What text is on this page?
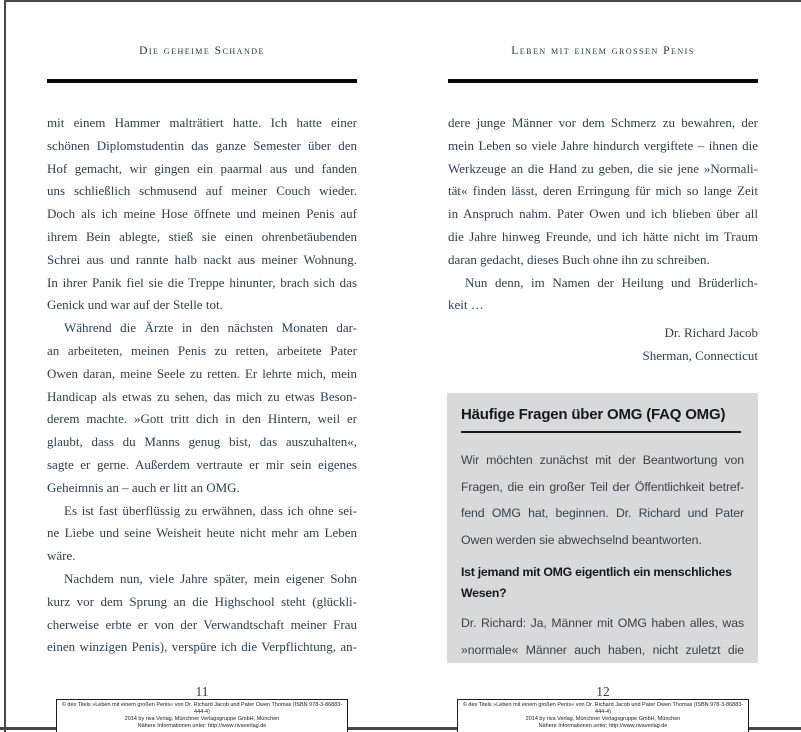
Die geheime Schande
mit einem Hammer malträtiert hatte. Ich hatte einer
schönen Diplomstudentin das ganze Semester über den
Hof gemacht, wir gingen ein paarmal aus und fanden
uns schließlich schmusend auf meiner Couch wieder.
Doch als ich meine Hose öffnete und meinen Penis auf
ihrem Bein ablegte, stieß sie einen ohrenbetäubenden
Schrei aus und rannte halb nackt aus meiner Wohnung.
In ihrer Panik fiel sie die Treppe hinunter, brach sich das
Genick und war auf der Stelle tot.
Während die Ärzte in den nächsten Monaten dar-
an arbeiteten, meinen Penis zu retten, arbeitete Pater
Owen daran, meine Seele zu retten. Er lehrte mich, mein
Handicap als etwas zu sehen, das mich zu etwas Beson-
derem machte. »Gott tritt dich in den Hintern, weil er
glaubt, dass du Manns genug bist, das auszuhalten«,
sagte er gerne. Außerdem vertraute er mir sein eigenes
Geheimnis an – auch er litt an OMG.
Es ist fast überflüssig zu erwähnen, dass ich ohne sei-
ne Liebe und seine Weisheit heute nicht mehr am Leben
wäre.
Nachdem nun, viele Jahre später, mein eigener Sohn
kurz vor dem Sprung an die Highschool steht (glückli-
cherweise erbte er von der Verwandtschaft meiner Frau
einen winzigen Penis), verspüre ich die Verpflichtung, an-
11
© des Titels »Leben mit einem großen Penis« von Dr. Richard Jacob und Pater Owen Thomas (ISBN 978-3-86883-444-4)
2014 by riva Verlag, Münchner Verlagsgruppe GmbH, München
Nähere Informationen unter: http://www.rivaverlag.de
Leben mit einem grossen Penis
dere junge Männer vor dem Schmerz zu bewahren, der
mein Leben so viele Jahre hindurch vergiftete – ihnen die
Werkzeuge an die Hand zu geben, die sie jene »Normali-
tät« finden lässt, deren Erringung für mich so lange Zeit
in Anspruch nahm. Pater Owen und ich blieben über all
die Jahre hinweg Freunde, und ich hätte nicht im Traum
daran gedacht, dieses Buch ohne ihn zu schreiben.
Nun denn, im Namen der Heilung und Brüderlich-
keit …
Dr. Richard Jacob
Sherman, Connecticut
Häufige Fragen über OMG (FAQ OMG)
Wir möchten zunächst mit der Beantwortung von
Fragen, die ein großer Teil der Öffentlichkeit betref-
fend OMG hat, beginnen. Dr. Richard und Pater
Owen werden sie abwechselnd beantworten.
Ist jemand mit OMG eigentlich ein menschliches
Wesen?
Dr. Richard: Ja, Männer mit OMG haben alles, was
»normale« Männer auch haben, nicht zuletzt die
12
© des Titels »Leben mit einem großen Penis« von Dr. Richard Jacob und Pater Owen Thomas (ISBN 978-3-86883-444-4)
2014 by riva Verlag, Münchner Verlagsgruppe GmbH, München
Nähere Informationen unter: http://www.rivaverlag.de
